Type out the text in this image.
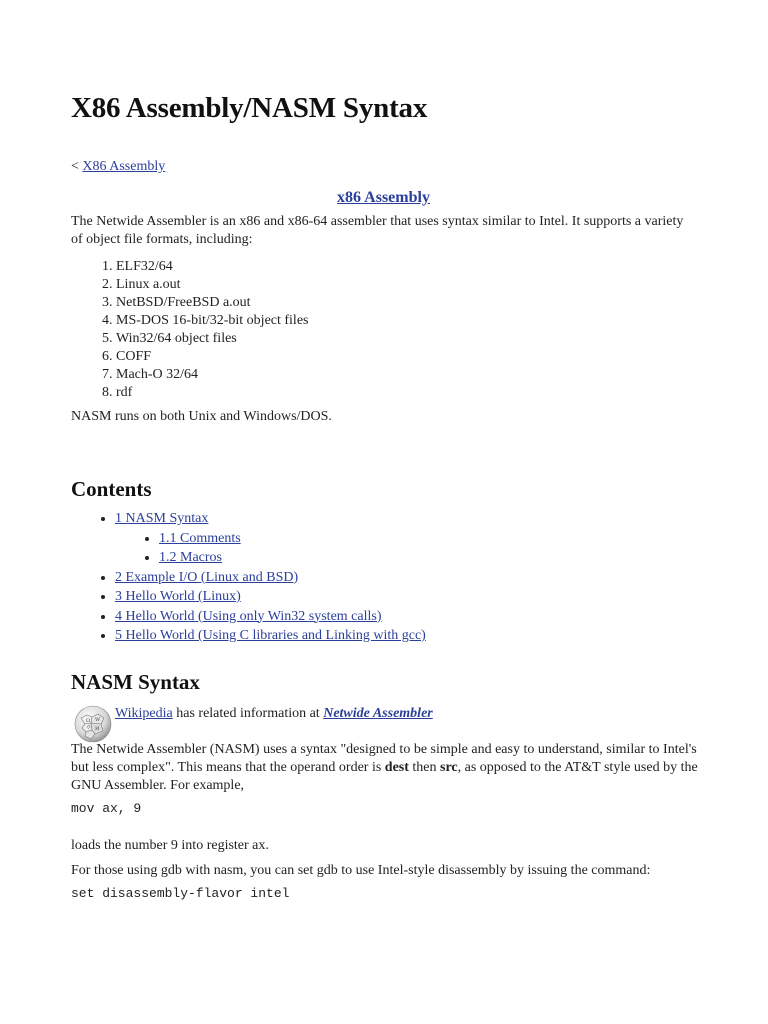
X86 Assembly/NASM Syntax
< X86 Assembly
x86 Assembly

The Netwide Assembler is an x86 and x86-64 assembler that uses syntax similar to Intel. It supports a variety of object file formats, including:

1. ELF32/64
2. Linux a.out
3. NetBSD/FreeBSD a.out
4. MS-DOS 16-bit/32-bit object files
5. Win32/64 object files
6. COFF
7. Mach-O 32/64
8. rdf

NASM runs on both Unix and Windows/DOS.

Contents
• 1 NASM Syntax
• 1.1 Comments
• 1.2 Macros
• 2 Example I/O (Linux and BSD)
• 3 Hello World (Linux)
• 4 Hello World (Using only Win32 system calls)
• 5 Hello World (Using C libraries and Linking with gcc)
NASM Syntax
Ω W
И
ウ
Wikipedia has related information at Netwide Assembler

The Netwide Assembler (NASM) uses a syntax "designed to be simple and easy to understand, similar to Intel's but less complex". This means that the operand order is dest then src, as opposed to the AT&T style used by the GNU Assembler. For example,

mov ax, 9

loads the number 9 into register ax.

For those using gdb with nasm, you can set gdb to use Intel-style disassembly by issuing the command:

set disassembly-flavor intel
